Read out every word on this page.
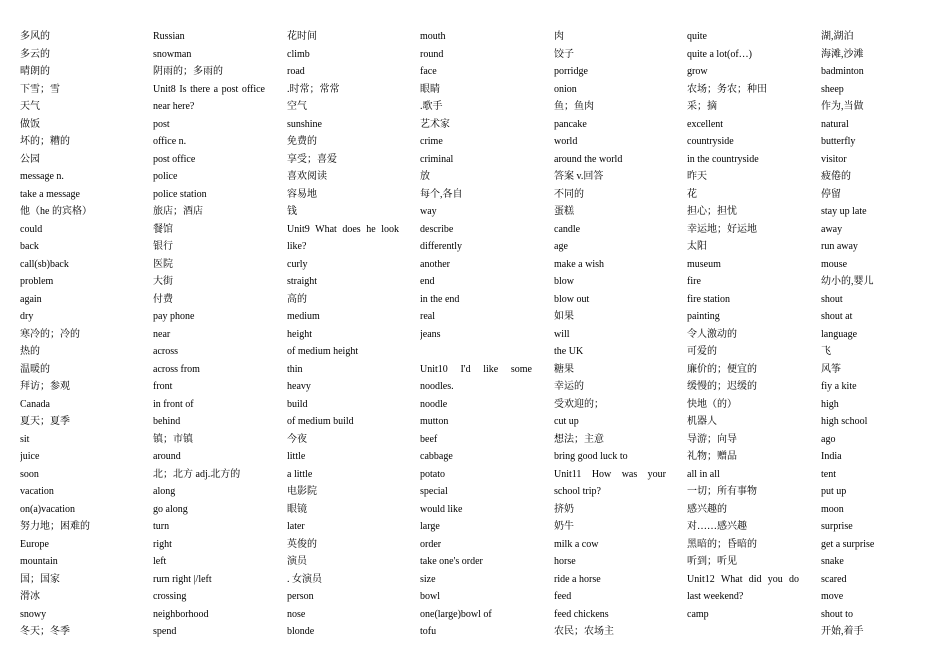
多风的
多云的
晴朗的
下雪；雪
天气
做饭
坏的；糟的
公园
message n.
take a message
他（he 的宾格）
could
back
call(sb)back
problem
again
dry
寒冷的；冷的
热的
温暖的
拜访；参观
Canada
夏天；夏季
sit
juice
soon
vacation
on(a)vacation
努力地；困难的
Europe
mountain
国；国家
滑冰
snowy
冬天；冬季
Russian
snowman
阴雨的；多雨的
Unit8 Is there a post office
near here?
post
office n.
post office
police
police station
旅店；酒店
餐馆
银行
医院
大街
付费
pay phone
near
across
across from
front
in front of
behind
镇；市镇
around
北；北方 adj.北方的
along
go along
turn
right
left
rurn right |/left
crossing
neighborhood
spend
花时间
climb
road
.时常；常常
空气
sunshine
免费的
享受；喜爱
喜欢阅读
容易地
钱
Unit9 What does he look
like?
curly
straight
高的
medium
height
of medium height
thin
heavy
build
of medium build
今夜
little
a little
电影院
眼镜
later
英俊的
演员
. 女演员
person
nose
blonde
mouth
round
face
眼睛
.歌手
艺术家
crime
criminal
放
每个,各自
way
describe
differently
another
end
in the end
real
jeans
Unit10 I'd like some
noodles.
noodle
mutton
beef
cabbage
potato
special
would like
large
order
take one's order
size
bowl
one(large)bowl of
tofu
肉
饺子
porridge
onion
鱼；鱼肉
pancake
world
around the world
答案 v.回答
不同的
蛋糕
candle
age
make a wish
blow
blow out
如果
will
the UK
糖果
幸运的
受欢迎的；
cut up
想法；主意
bring good luck to
Unit11 How was your
school trip?
挤奶
奶牛
milk a cow
horse
ride a horse
feed
feed chickens
农民；农场主
quite
quite a lot(of…)
grow
农场；务农；种田
采；摘
excellent
countryside
in the countryside
昨天
花
担心；担忧
幸运地；好运地
太阳
museum
fire
fire station
painting
令人激动的
可爱的
廉价的；便宜的
缓慢的；迟缓的
快地（的）
机器人
导游；向导
礼物；赠品
all in all
一切；所有事物
感兴趣的
对……感兴趣
黑暗的；昏暗的
听到；听见
Unit12 What did you do
last weekend?
camp
湖,湖泊
海滩,沙滩
badminton
sheep
作为,当做
natural
butterfly
visitor
疲倦的
停留
stay up late
away
run away
mouse
幼小的,婴儿
shout
shout at
language
飞
风筝
fiy a kite
high
high school
ago
India
tent
put up
moon
surprise
get a surprise
snake
scared
move
shout to
开始,着手
